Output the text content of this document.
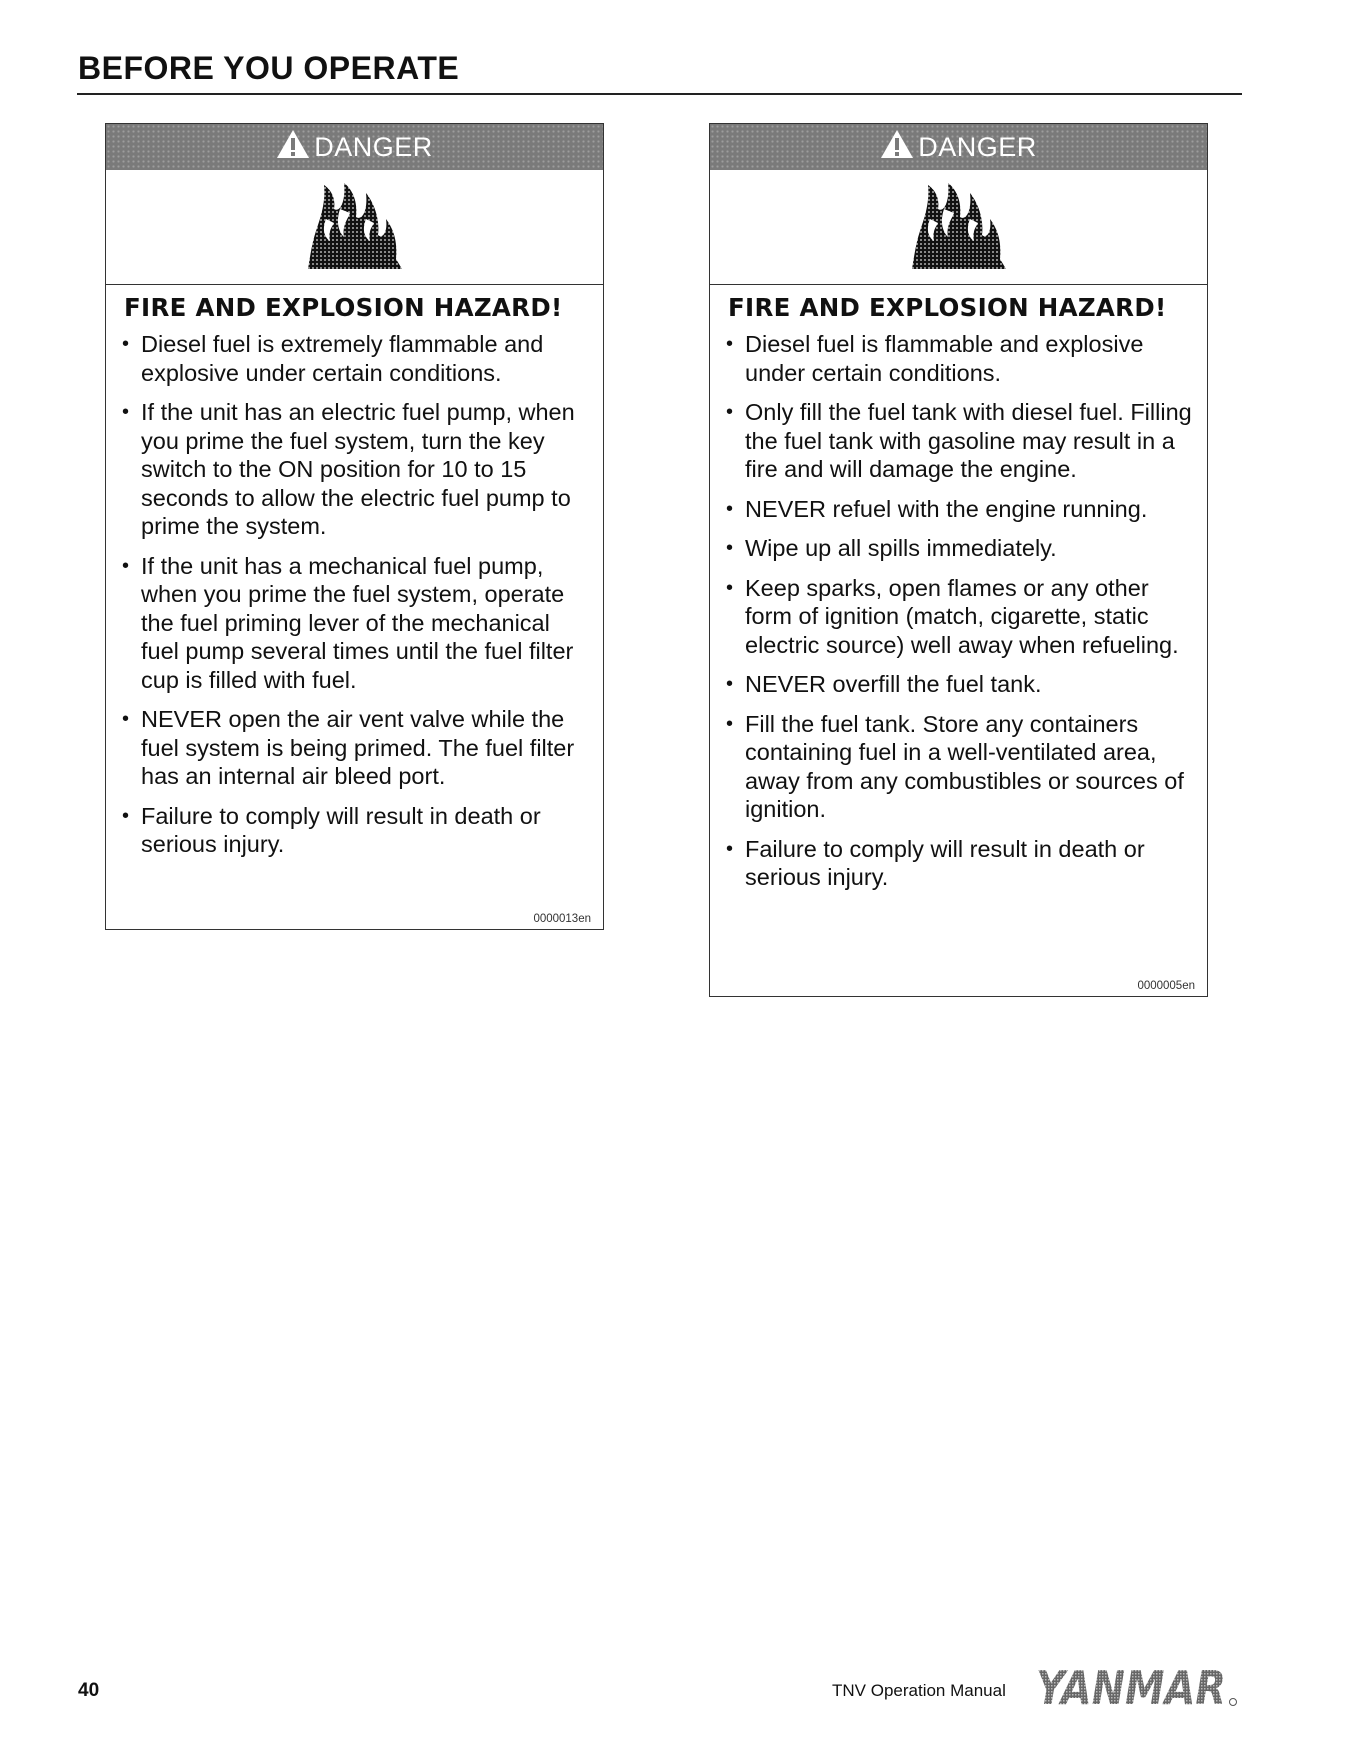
BEFORE YOU OPERATE
DANGER
FIRE AND EXPLOSION HAZARD!
• Diesel fuel is extremely flammable and explosive under certain conditions.
• If the unit has an electric fuel pump, when you prime the fuel system, turn the key switch to the ON position for 10 to 15 seconds to allow the electric fuel pump to prime the system.
• If the unit has a mechanical fuel pump, when you prime the fuel system, operate the fuel priming lever of the mechanical fuel pump several times until the fuel filter cup is filled with fuel.
• NEVER open the air vent valve while the fuel system is being primed. The fuel filter has an internal air bleed port.
• Failure to comply will result in death or serious injury.
0000013en
DANGER
FIRE AND EXPLOSION HAZARD!
• Diesel fuel is flammable and explosive under certain conditions.
• Only fill the fuel tank with diesel fuel. Filling the fuel tank with gasoline may result in a fire and will damage the engine.
• NEVER refuel with the engine running.
• Wipe up all spills immediately.
• Keep sparks, open flames or any other form of ignition (match, cigarette, static electric source) well away when refueling.
• NEVER overfill the fuel tank.
• Fill the fuel tank. Store any containers containing fuel in a well-ventilated area, away from any combustibles or sources of ignition.
• Failure to comply will result in death or serious injury.
0000005en
40	TNV Operation Manual YANMAR
